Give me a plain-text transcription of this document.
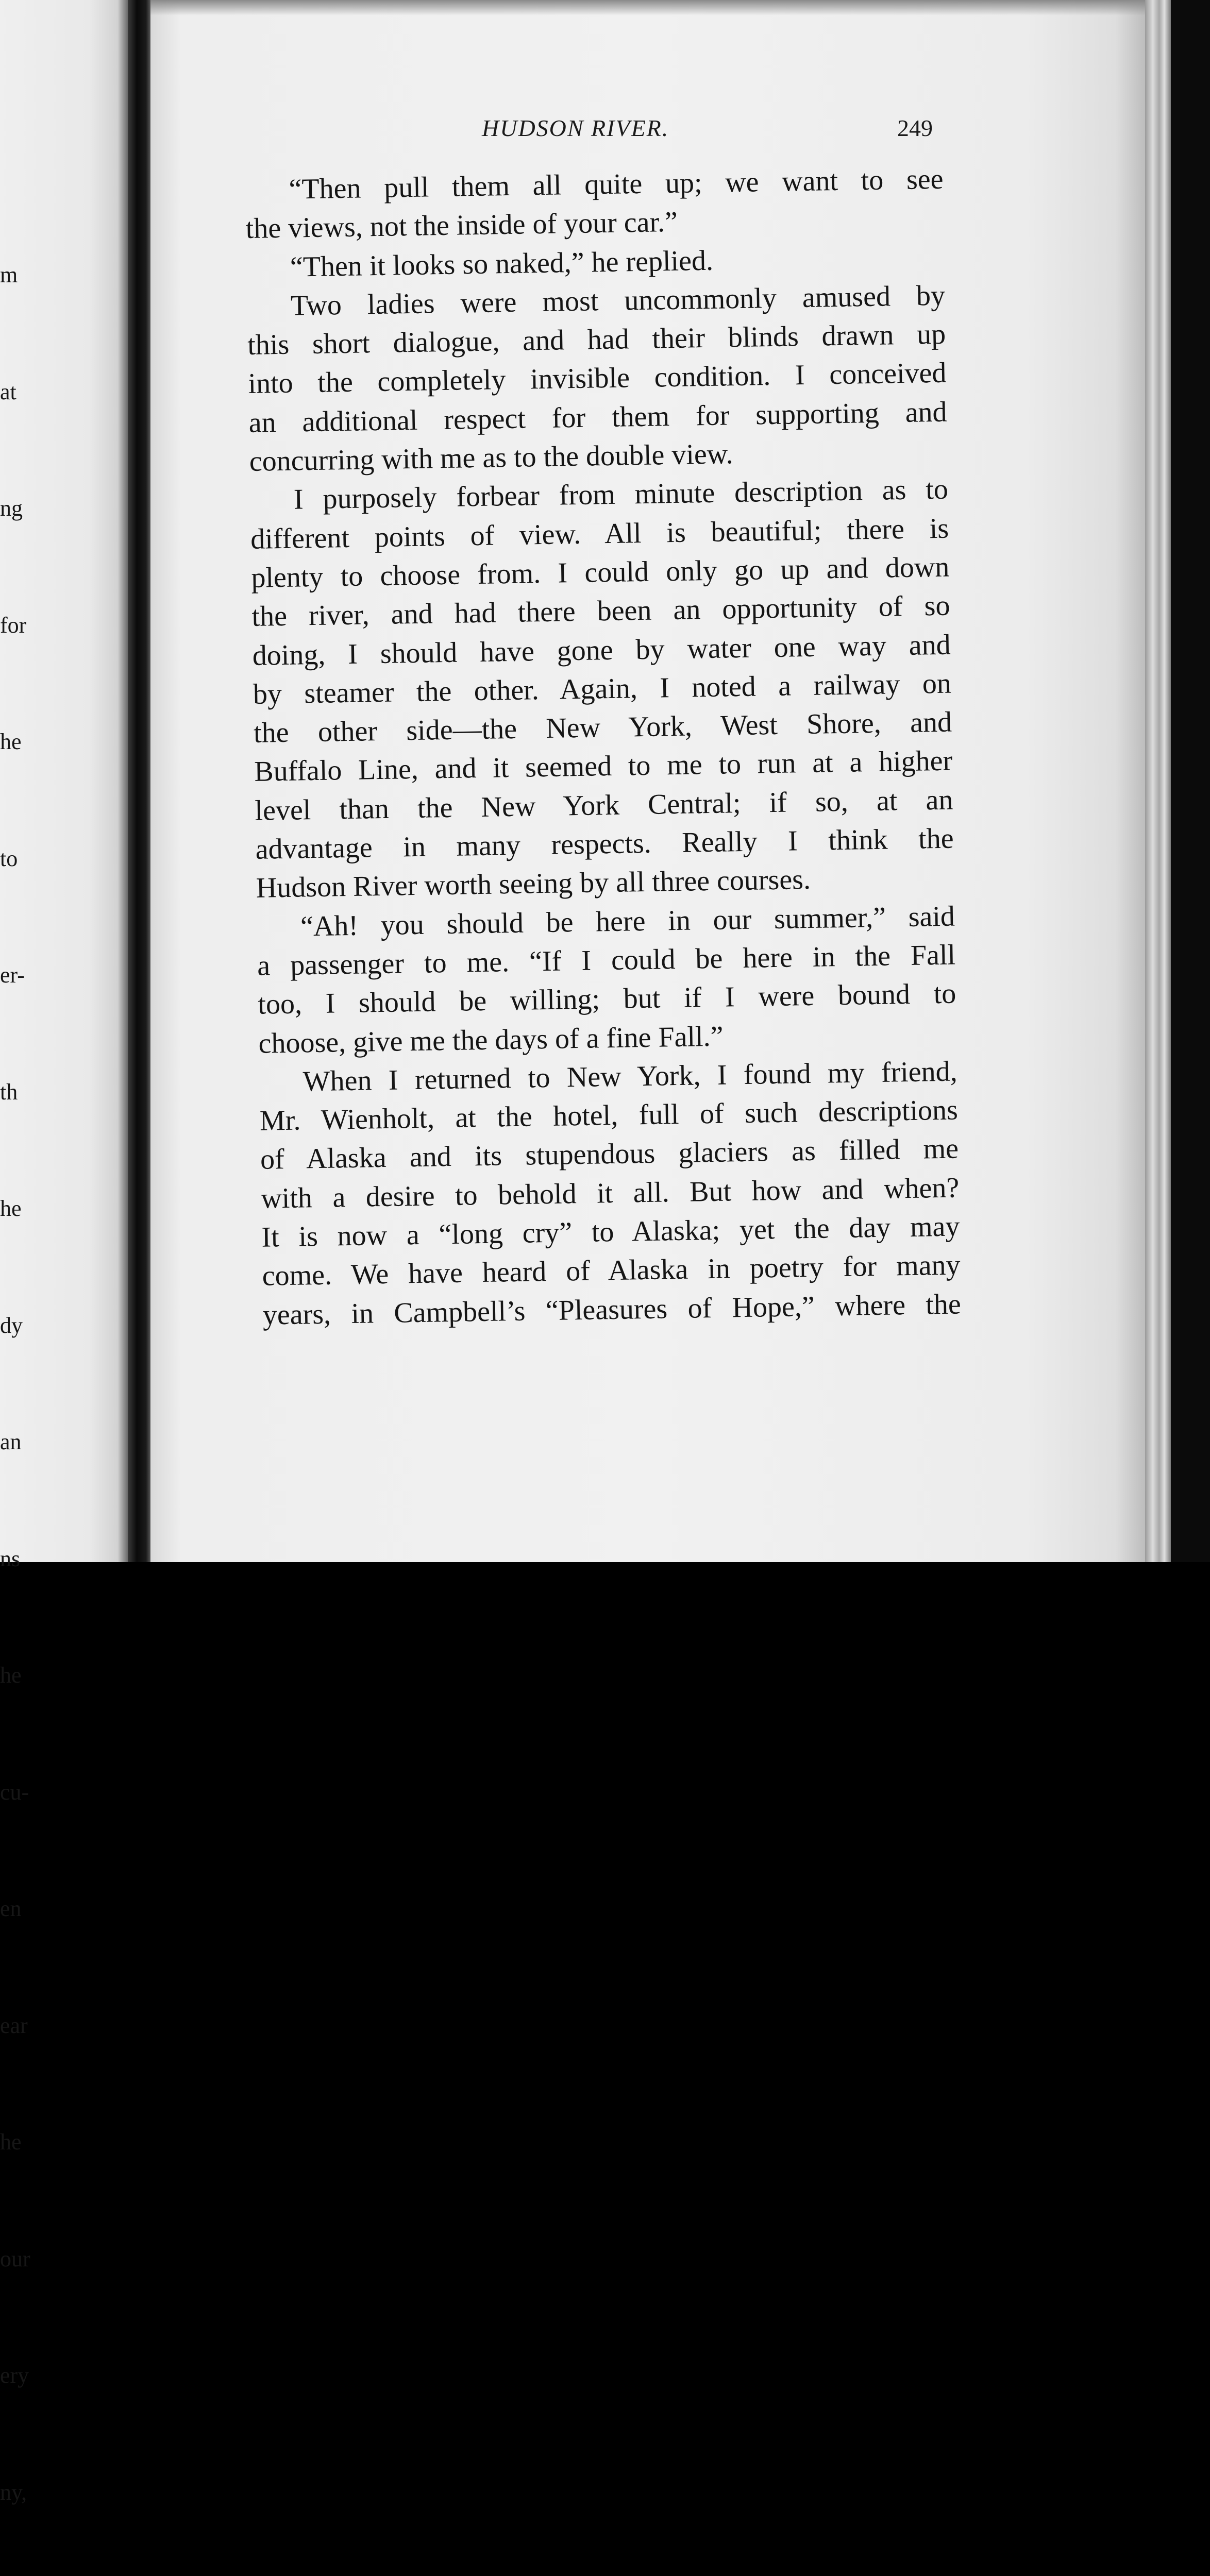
m

at

ng

for

he

to

er-

th

he

dy

an

ns

he

cu-

en

ear

he

our

ery

ny,

HUDSON RIVER.	249
“Then pull them all quite up; we want to see
the views, not the inside of your car.”
“Then it looks so naked,” he replied.
Two ladies were most uncommonly amused by
this short dialogue, and had their blinds drawn up
into the completely invisible condition. I conceived
an additional respect for them for supporting and
concurring with me as to the double view.
I purposely forbear from minute description as to
different points of view. All is beautiful; there is
plenty to choose from. I could only go up and down
the river, and had there been an opportunity of so
doing, I should have gone by water one way and
by steamer the other. Again, I noted a railway on
the other side—the New York, West Shore, and
Buffalo Line, and it seemed to me to run at a higher
level than the New York Central; if so, at an
advantage in many respects. Really I think the
Hudson River worth seeing by all three courses.
“Ah! you should be here in our summer,” said
a passenger to me. “If I could be here in the Fall
too, I should be willing; but if I were bound to
choose, give me the days of a fine Fall.”
When I returned to New York, I found my friend,
Mr. Wienholt, at the hotel, full of such descriptions
of Alaska and its stupendous glaciers as filled me
with a desire to behold it all. But how and when?
It is now a “long cry” to Alaska; yet the day may
come. We have heard of Alaska in poetry for many
years, in Campbell’s “Pleasures of Hope,” where the
